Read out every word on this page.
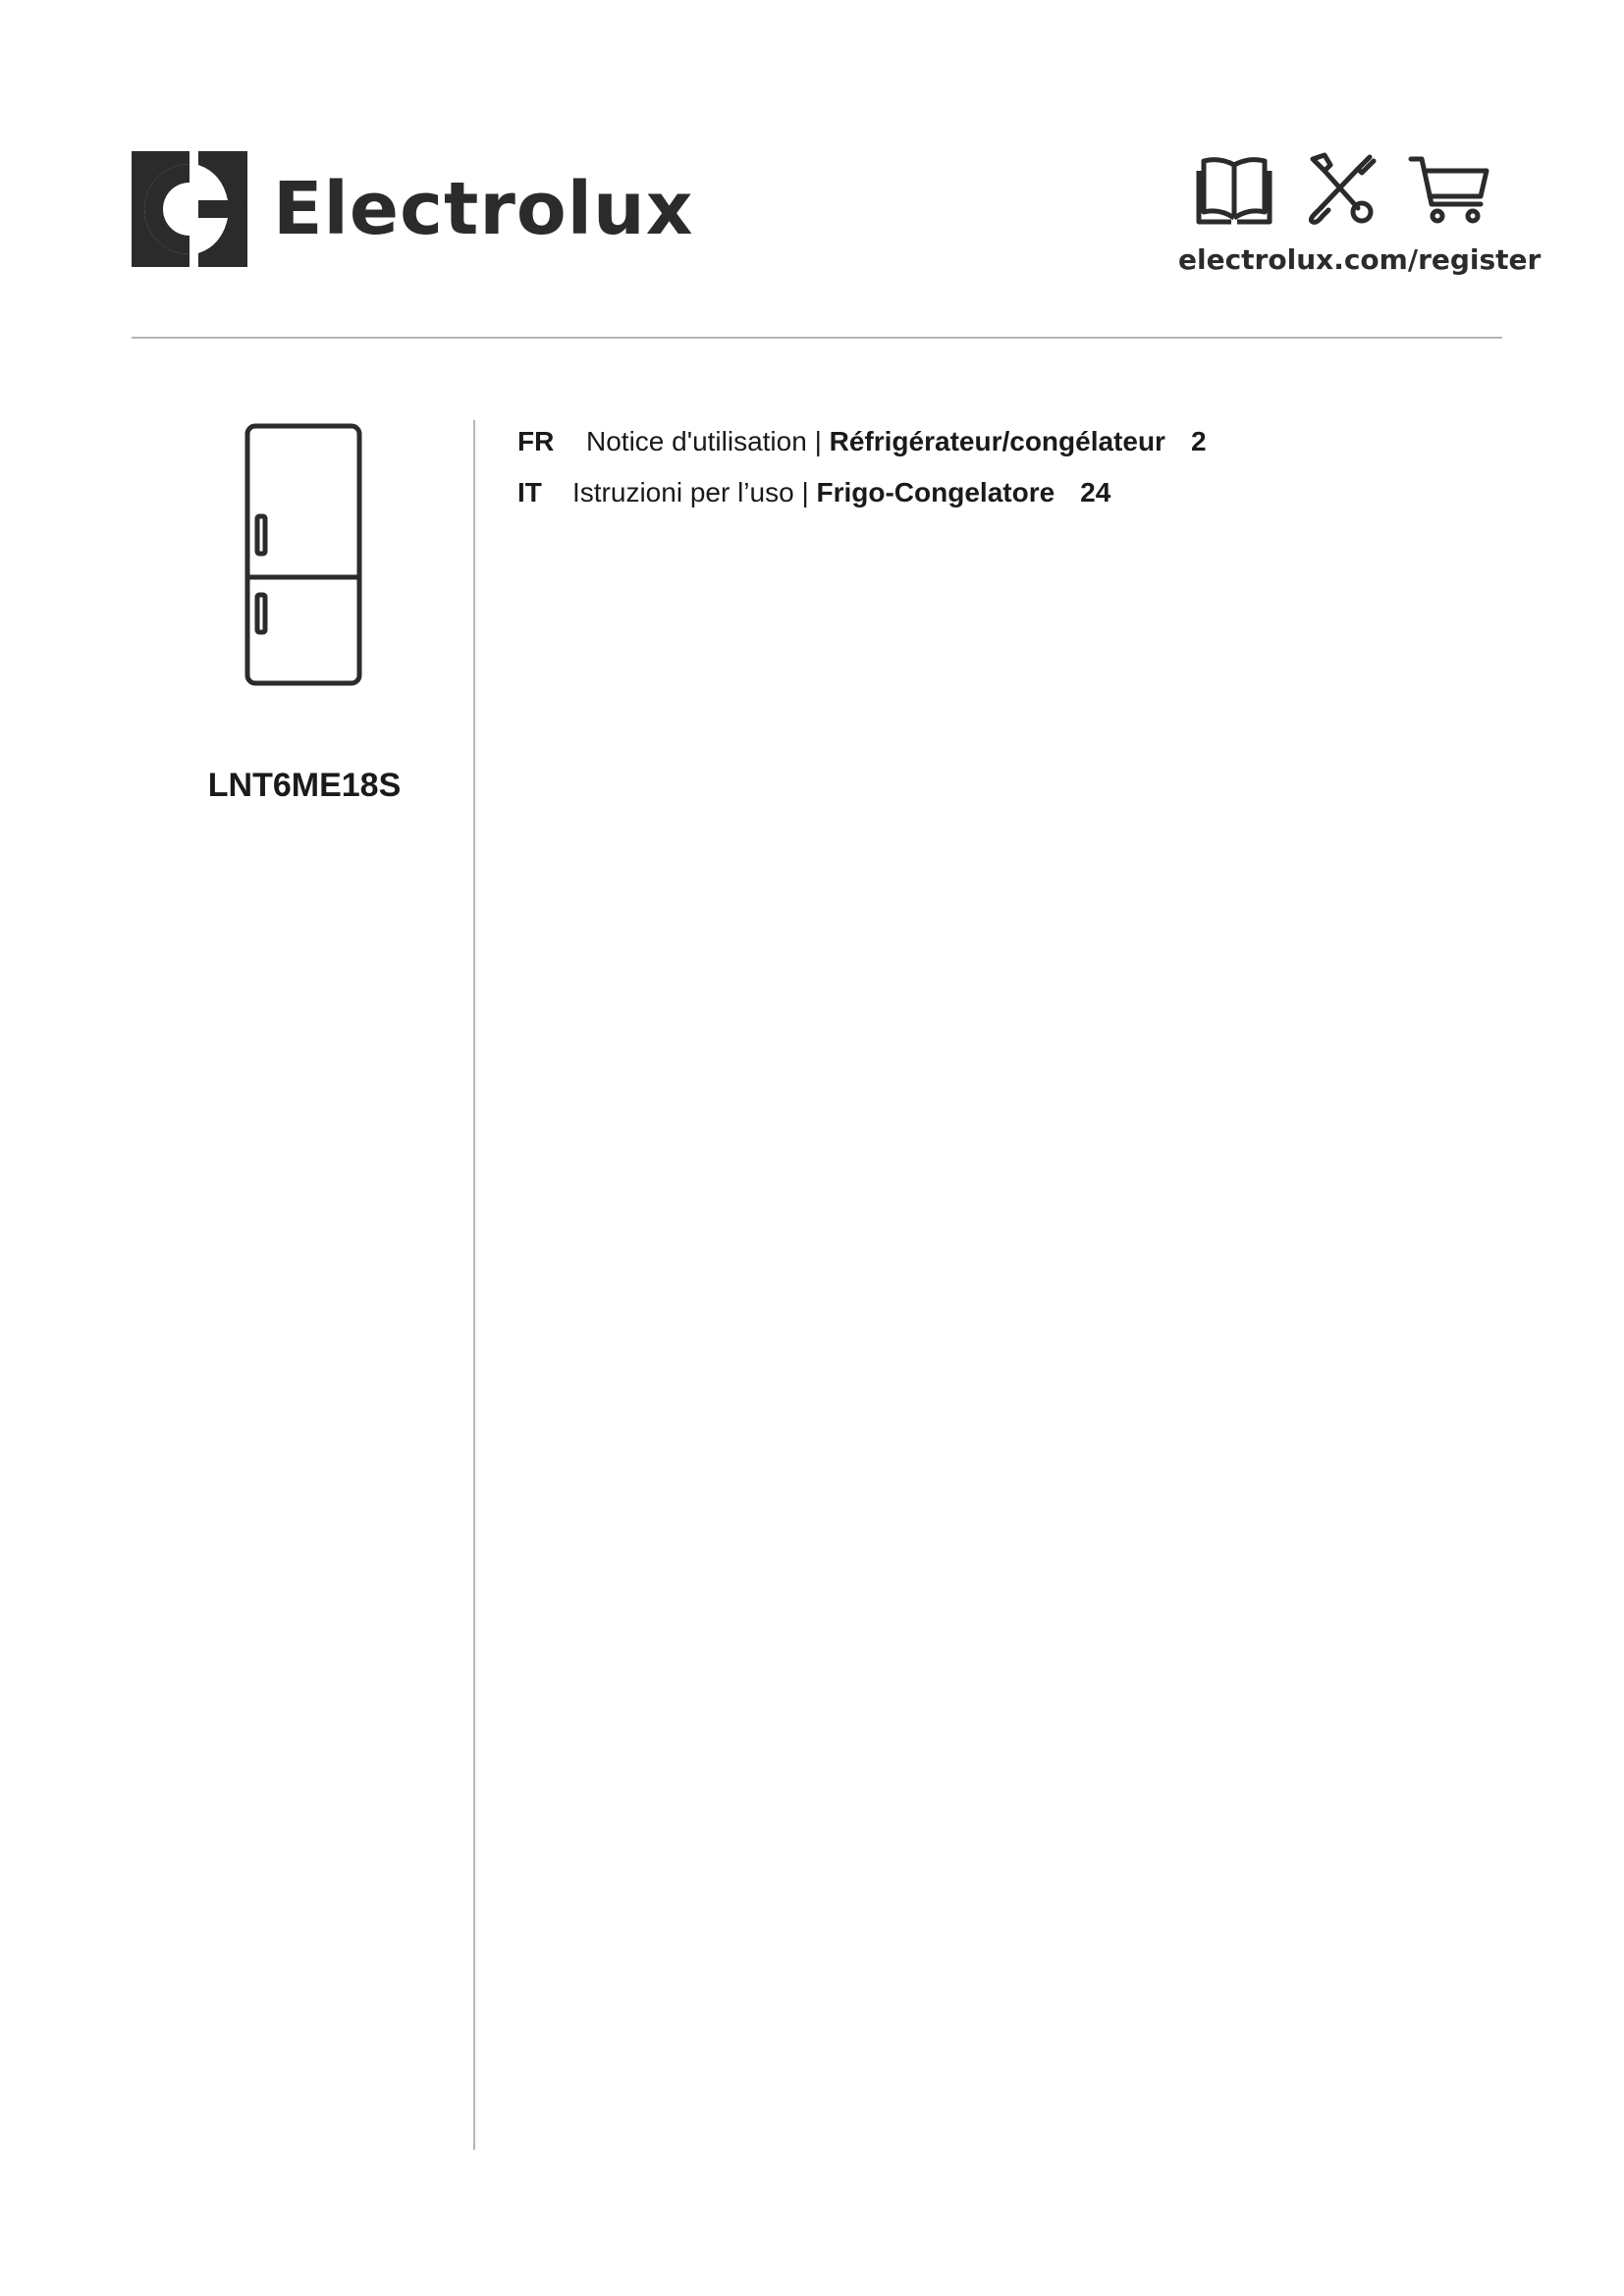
Electrolux
electrolux.com/register
LNT6ME18S
FR Notice d'utilisation | Réfrigérateur/congélateur 2
IT Istruzioni per l’uso | Frigo-Congelatore 24
